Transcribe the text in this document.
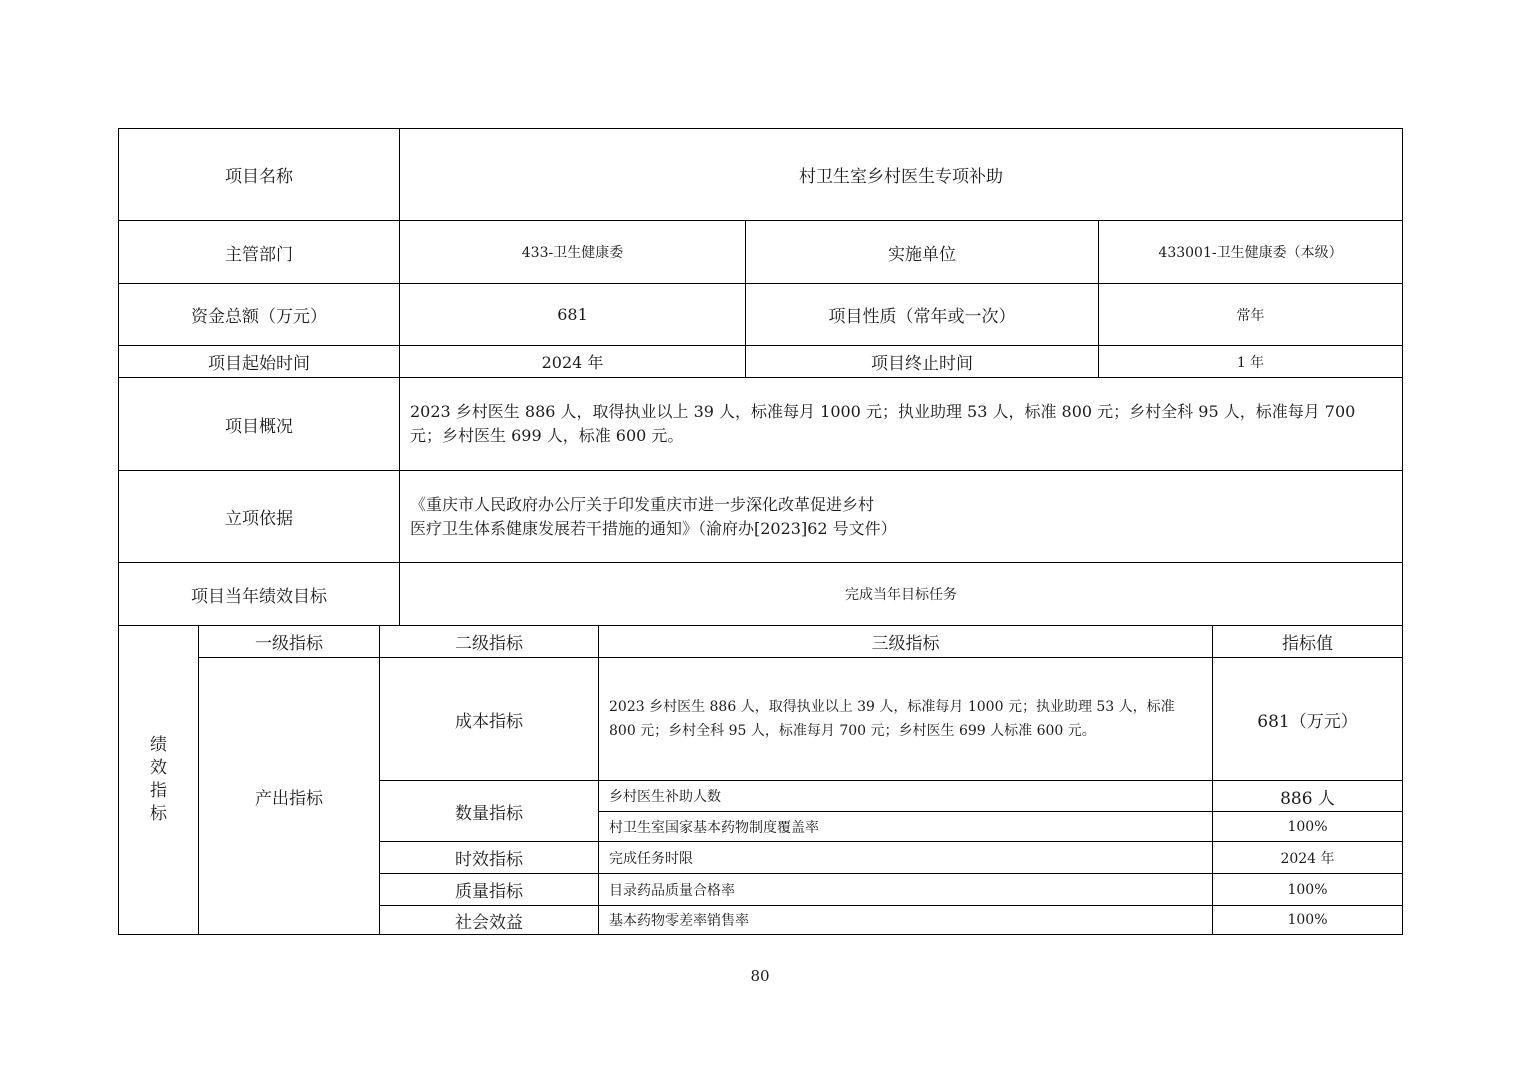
项目名称	村卫生室乡村医生专项补助		
主管部门	433-卫生健康委	实施单位	433001-卫生健康委（本级）
资金总额（万元）	681	项目性质（常年或一次）	常年
项目起始时间	2024 年	项目终止时间	1 年
项目概况	2023 乡村医生 886 人，取得执业以上 39 人，标准每月 1000 元；执业助理 53 人，标准 800 元；乡村全科 95 人，标准每月 700 元；乡村医生 699 人，标准 600 元。		
立项依据	《重庆市人民政府办公厅关于印发重庆市进一步深化改革促进乡村
医疗卫生体系健康发展若干措施的通知》（渝府办[2023]62 号文件）		

项目当年绩效目标	完成当年目标任务		
绩效指标	一级指标	二级指标	三级指标	指标值
	产出指标	成本指标	2023 乡村医生 886 人，取得执业以上 39 人，标准每月 1000 元；执业助理 53 人，标准 800 元；乡村全科 95 人，标准每月 700 元；乡村医生 699 人标准 600 元。	681（万元）
		数量指标	乡村医生补助人数	886 人
			村卫生室国家基本药物制度覆盖率	100%
		时效指标	完成任务时限	2024 年
		质量指标	目录药品质量合格率	100%
		社会效益	基本药物零差率销售率	100%
80
